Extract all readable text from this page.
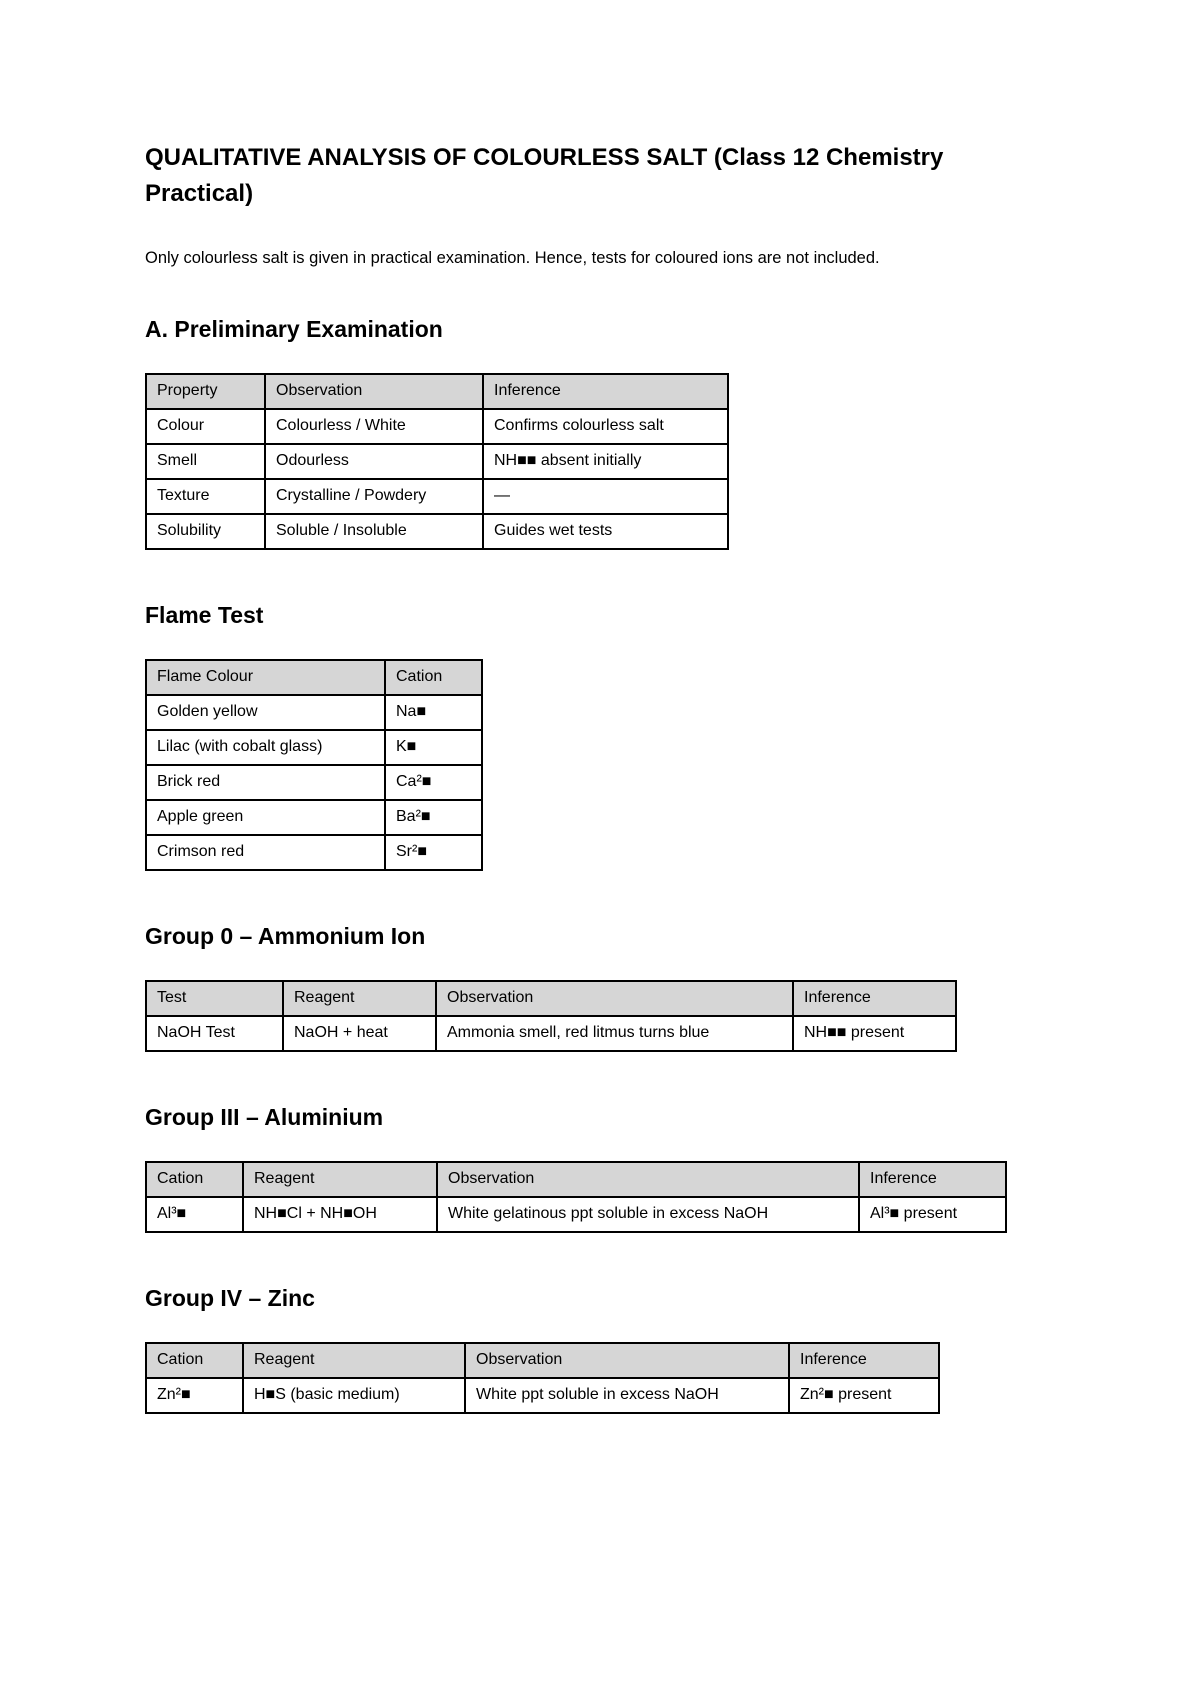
QUALITATIVE ANALYSIS OF COLOURLESS SALT (Class 12 Chemistry Practical)

Only colourless salt is given in practical examination. Hence, tests for coloured ions are not included.

A. Preliminary Examination
Property	Observation	Inference
Colour	Colourless / White	Confirms colourless salt
Smell	Odourless	NH■■ absent initially
Texture	Crystalline / Powdery	—
Solubility	Soluble / Insoluble	Guides wet tests
Flame Test
Flame Colour	Cation
Golden yellow	Na■
Lilac (with cobalt glass)	K■
Brick red	Ca²■
Apple green	Ba²■
Crimson red	Sr²■
Group 0 – Ammonium Ion
Test	Reagent	Observation	Inference
NaOH Test	NaOH + heat	Ammonia smell, red litmus turns blue	NH■■ present
Group III – Aluminium
Cation	Reagent	Observation	Inference
Al³■	NH■Cl + NH■OH	White gelatinous ppt soluble in excess NaOH	Al³■ present
Group IV – Zinc
Cation	Reagent	Observation	Inference
Zn²■	H■S (basic medium)	White ppt soluble in excess NaOH	Zn²■ present
